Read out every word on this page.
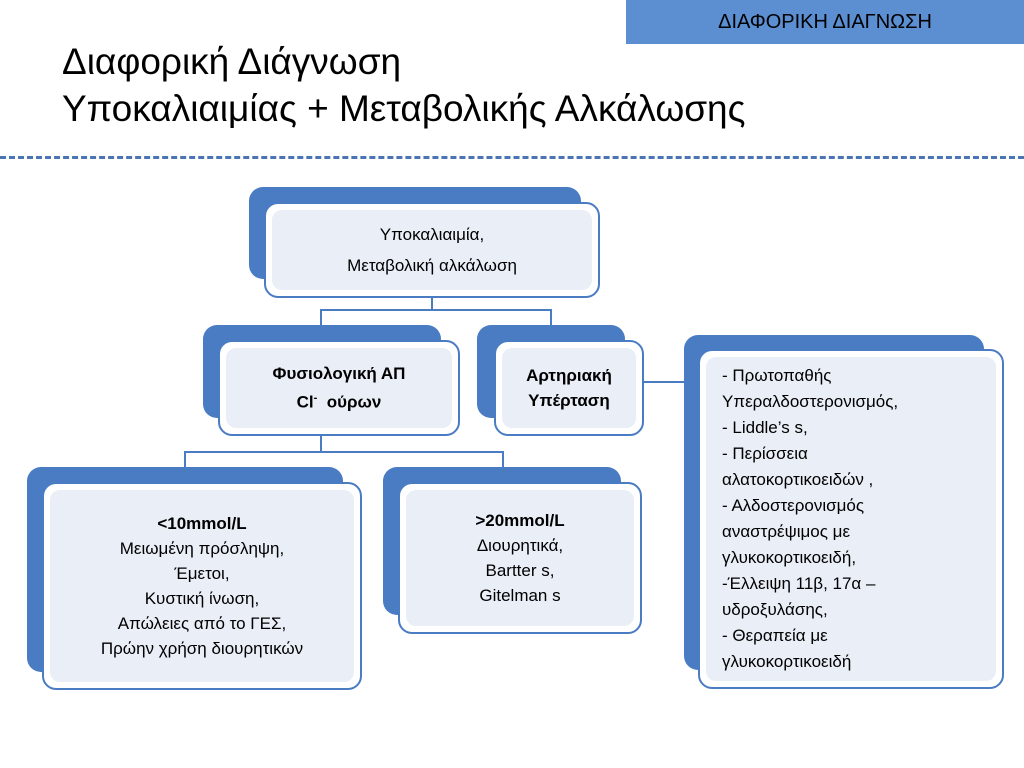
ΔΙΑΦΟΡΙΚΗ ΔΙΑΓΝΩΣΗ
Διαφορική Διάγνωση
Υποκαλιαιμίας + Μεταβολικής Αλκάλωσης
Υποκαλιαιμία,
Μεταβολική αλκάλωση
Φυσιολογική ΑΠ
Cl- ούρων
Αρτηριακή
Υπέρταση
<10mmol/L
Μειωμένη πρόσληψη,
Έμετοι,
Κυστική ίνωση,
Απώλειες από το ΓΕΣ,
Πρώην χρήση διουρητικών
>20mmol/L
Διουρητικά,
Bartter s,
Gitelman s
- Πρωτοπαθής
Υπεραλδοστερονισμός,
- Liddle’s s,
- Περίσσεια
αλατοκορτικοειδών ,
- Αλδοστερονισμός
αναστρέψιμος με
γλυκοκορτικοειδή,
-Έλλειψη 11β, 17α –
υδροξυλάσης,
- Θεραπεία με
γλυκοκορτικοειδή
